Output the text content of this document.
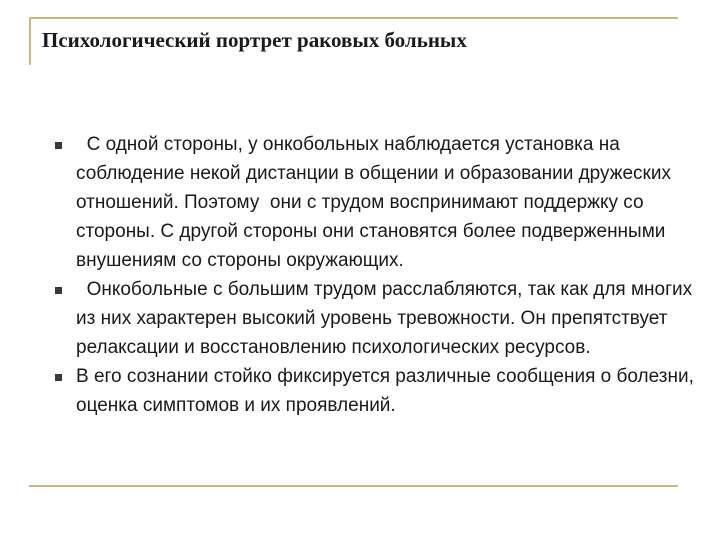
Психологический портрет раковых больных
С одной стороны, у онкобольных наблюдается установка на соблюдение некой дистанции в общении и образовании дружеских отношений. Поэтому  они с трудом воспринимают поддержку со стороны. С другой стороны они становятся более подверженными внушениям со стороны окружающих.
Онкобольные с большим трудом расслабляются, так как для многих из них характерен высокий уровень тревожности. Он препятствует релаксации и восстановлению психологических ресурсов.
В его сознании стойко фиксируется различные сообщения о болезни, оценка симптомов и их проявлений.
